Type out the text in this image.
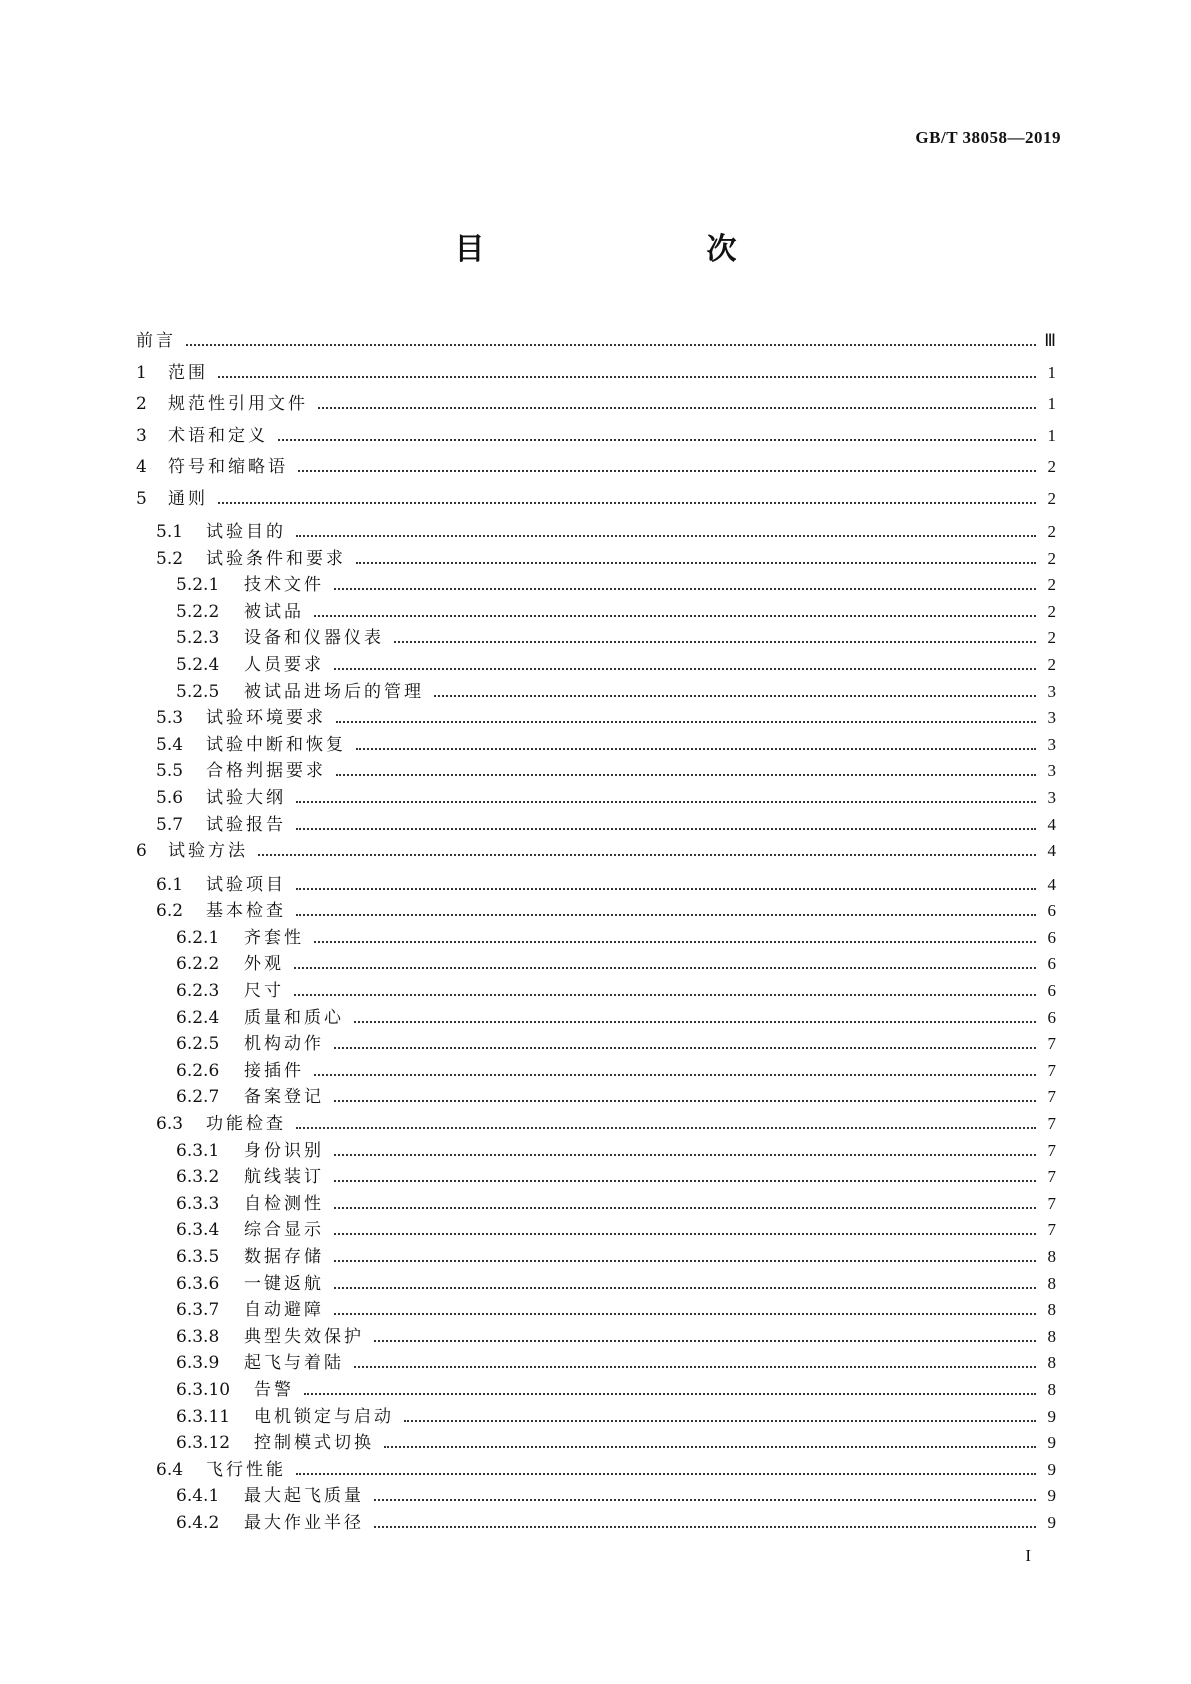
GB/T 38058—2019
目　　次
前言	Ⅲ
1	范围	1
2	规范性引用文件	1
3	术语和定义	1
4	符号和缩略语	2
5	通则	2
5.1	试验目的	2
5.2	试验条件和要求	2
5.2.1	技术文件	2
5.2.2	被试品	2
5.2.3	设备和仪器仪表	2
5.2.4	人员要求	2
5.2.5	被试品进场后的管理	3
5.3	试验环境要求	3
5.4	试验中断和恢复	3
5.5	合格判据要求	3
5.6	试验大纲	3
5.7	试验报告	4
6	试验方法	4
6.1	试验项目	4
6.2	基本检查	6
6.2.1	齐套性	6
6.2.2	外观	6
6.2.3	尺寸	6
6.2.4	质量和质心	6
6.2.5	机构动作	7
6.2.6	接插件	7
6.2.7	备案登记	7
6.3	功能检查	7
6.3.1	身份识别	7
6.3.2	航线装订	7
6.3.3	自检测性	7
6.3.4	综合显示	7
6.3.5	数据存储	8
6.3.6	一键返航	8
6.3.7	自动避障	8
6.3.8	典型失效保护	8
6.3.9	起飞与着陆	8
6.3.10	告警	8
6.3.11	电机锁定与启动	9
6.3.12	控制模式切换	9
6.4	飞行性能	9
6.4.1	最大起飞质量	9
6.4.2	最大作业半径	9
I
